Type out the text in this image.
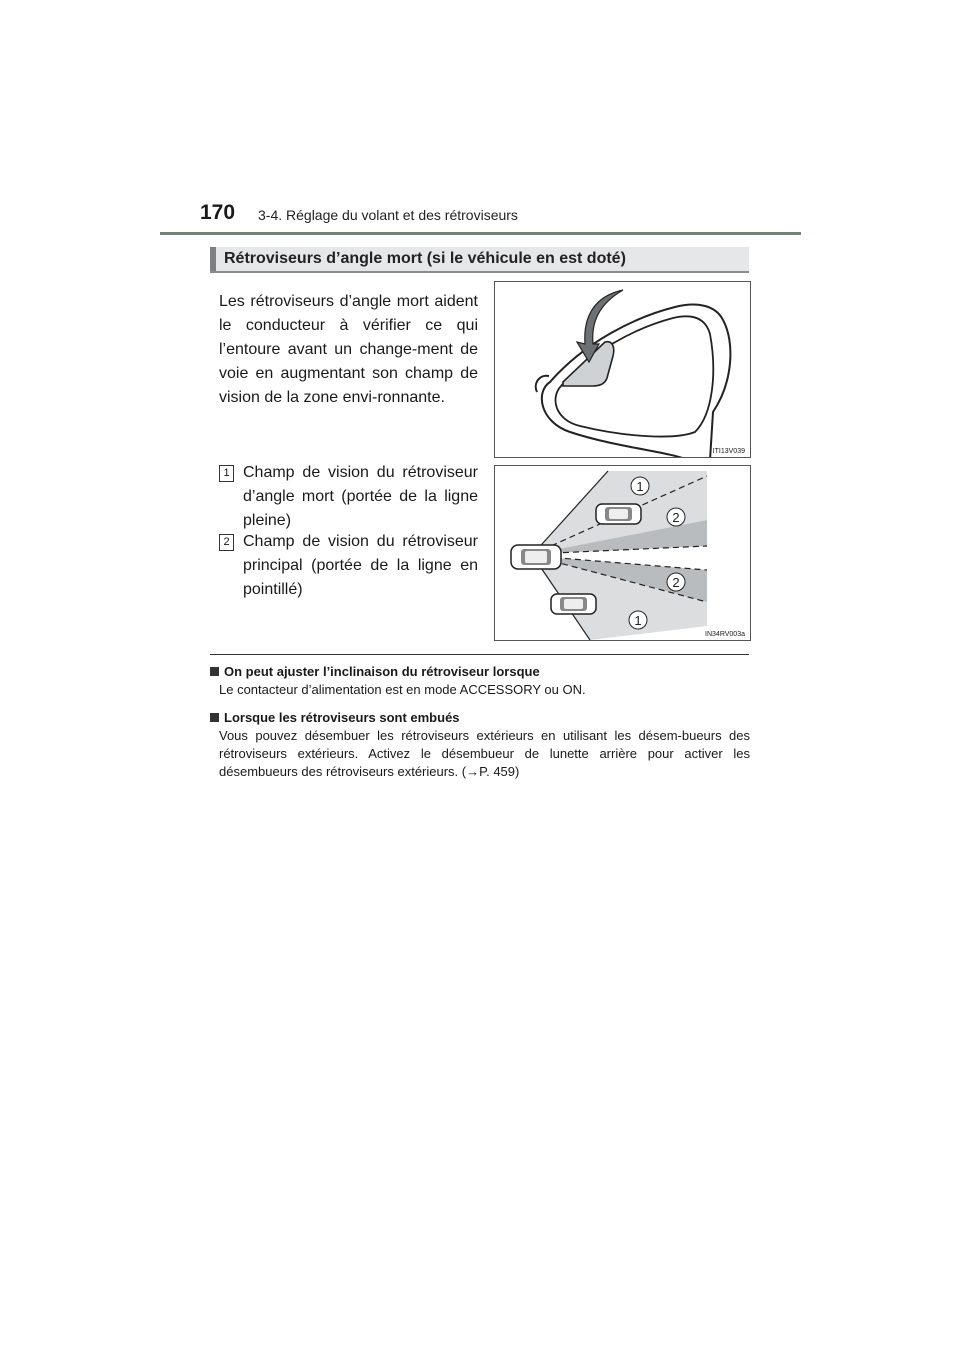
170 3-4. Réglage du volant et des rétroviseurs
Rétroviseurs d’angle mort (si le véhicule en est doté)

Les rétroviseurs d’angle mort aident le conducteur à vérifier ce qui l’entoure avant un change-ment de voie en augmentant son champ de vision de la zone envi-ronnante.

ITI13V039
1
2
2
1
IN34RV003a
1 Champ de vision du rétroviseur d’angle mort (portée de la ligne pleine)

2 Champ de vision du rétroviseur principal (portée de la ligne en pointillé)

On peut ajuster l’inclinaison du rétroviseur lorsque

Le contacteur d’alimentation est en mode ACCESSORY ou ON.

Lorsque les rétroviseurs sont embués

Vous pouvez désembuer les rétroviseurs extérieurs en utilisant les désem-bueurs des rétroviseurs extérieurs. Activez le désembueur de lunette arrière pour activer les désembueurs des rétroviseurs extérieurs. (→P. 459)
